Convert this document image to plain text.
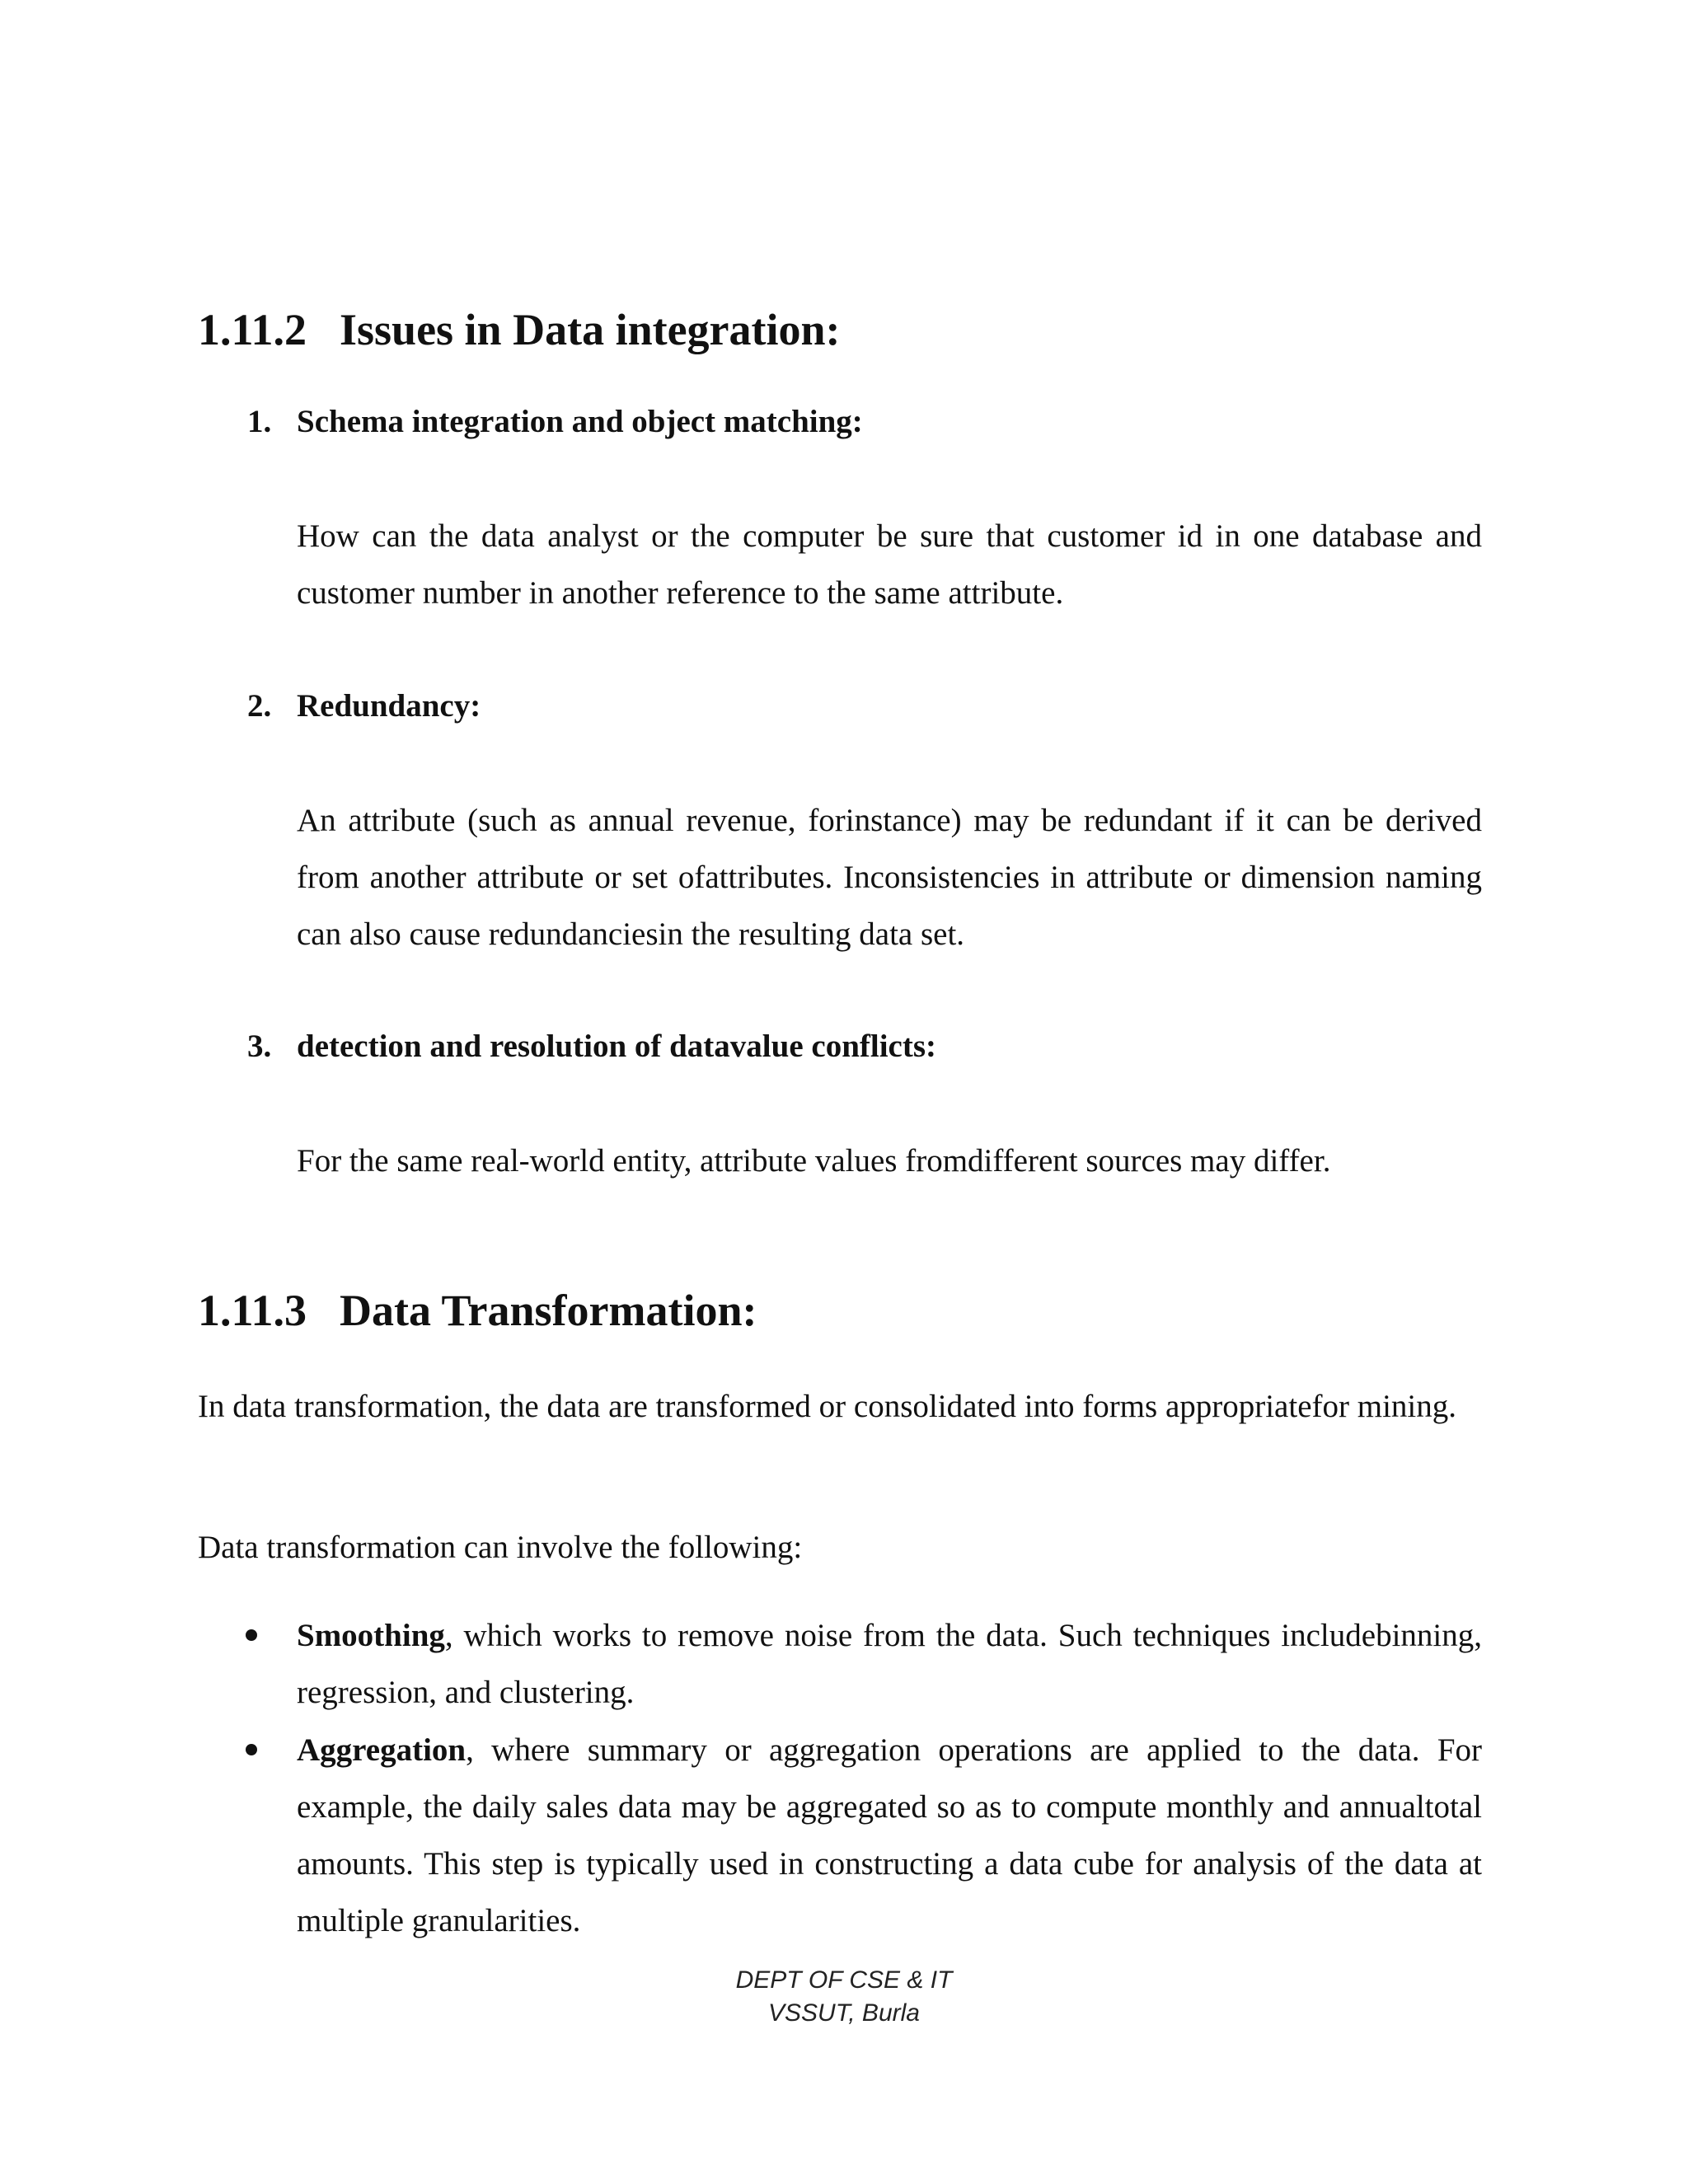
1.11.2 Issues in Data integration:
1. Schema integration and object matching:

How can the data analyst or the computer be sure that customer id in one database and customer number in another reference to the same attribute.

2. Redundancy:

An attribute (such as annual revenue, forinstance) may be redundant if it can be derived from another attribute or set ofattributes. Inconsistencies in attribute or dimension naming can also cause redundanciesin the resulting data set.

3. detection and resolution of datavalue conflicts:

For the same real-world entity, attribute values fromdifferent sources may differ.

1.11.3 Data Transformation:

In data transformation, the data are transformed or consolidated into forms appropriatefor mining.

Data transformation can involve the following:

Smoothing, which works to remove noise from the data. Such techniques includebinning, regression, and clustering.
Aggregation, where summary or aggregation operations are applied to the data. For example, the daily sales data may be aggregated so as to compute monthly and annualtotal amounts. This step is typically used in constructing a data cube for analysis of the data at multiple granularities.
DEPT OF CSE & IT
VSSUT, Burla
